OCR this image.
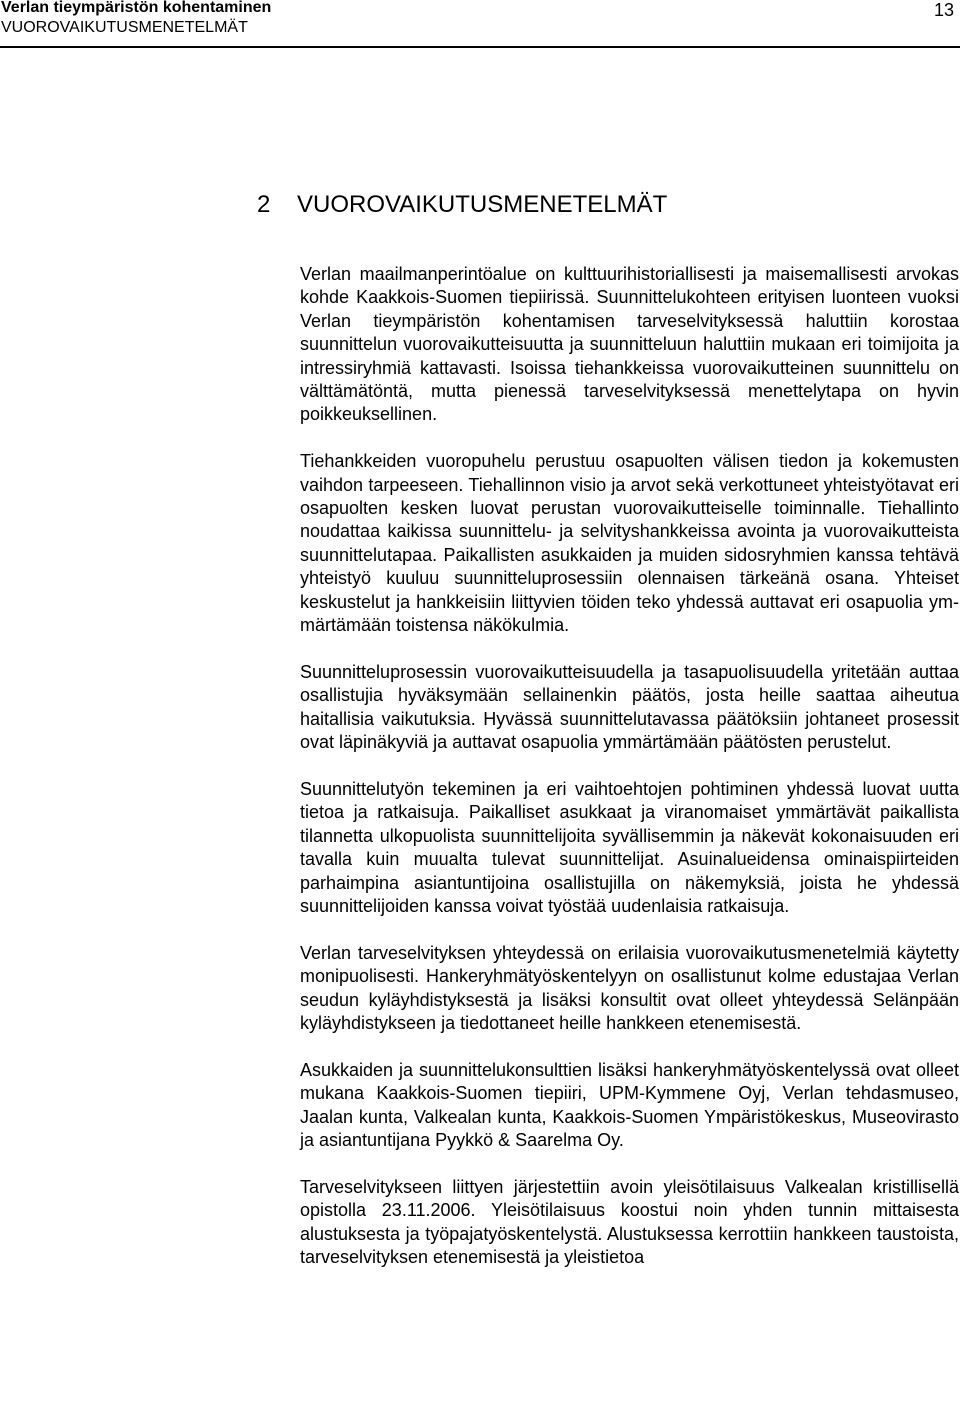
Verlan tieympäristön kohentaminen
VUOROVAIKUTUSMENETELMÄT
13
2 VUOROVAIKUTUSMENETELMÄT

Verlan maailmanperintöalue on kulttuurihistoriallisesti ja maisemallisesti arvokas kohde Kaakkois-Suomen tiepiirissä. Suunnittelukohteen erityisen luonteen vuoksi Verlan tieympäristön kohentamisen tarveselvityksessä haluttiin korostaa suunnittelun vuorovaikutteisuutta ja suunnitteluun haluttiin mukaan eri toimijoita ja intressiryhmiä kattavasti. Isoissa tiehankkeissa vuorovaikutteinen suunnittelu on välttämätöntä, mutta pienessä tarveselvityksessä menettelytapa on hyvin poikkeuksellinen.

Tiehankkeiden vuoropuhelu perustuu osapuolten välisen tiedon ja kokemusten vaihdon tarpeeseen. Tiehallinnon visio ja arvot sekä verkottuneet yhteistyötavat eri osapuolten kesken luovat perustan vuorovaikutteiselle toiminnalle. Tiehallinto noudattaa kaikissa suunnittelu- ja selvityshankkeissa avointa ja vuorovaikutteista suunnittelutapaa. Paikallisten asukkaiden ja muiden sidosryhmien kanssa tehtävä yhteistyö kuuluu suunnitteluprosessiin olennaisen tärkeänä osana. Yhteiset keskustelut ja hankkeisiin liittyvien töiden teko yhdessä auttavat eri osapuolia ymmärtämään toistensa näkökulmia.

Suunnitteluprosessin vuorovaikutteisuudella ja tasapuolisuudella yritetään auttaa osallistujia hyväksymään sellainenkin päätös, josta heille saattaa aiheutua haitallisia vaikutuksia. Hyvässä suunnittelutavassa päätöksiin johtaneet prosessit ovat läpinäkyviä ja auttavat osapuolia ymmärtämään päätösten perustelut.

Suunnittelutyön tekeminen ja eri vaihtoehtojen pohtiminen yhdessä luovat uutta tietoa ja ratkaisuja. Paikalliset asukkaat ja viranomaiset ymmärtävät paikallista tilannetta ulkopuolista suunnittelijoita syvällisemmin ja näkevät kokonaisuuden eri tavalla kuin muualta tulevat suunnittelijat. Asuinalueidensa ominaispiirteiden parhaimpina asiantuntijoina osallistujilla on näkemyksiä, joista he yhdessä suunnittelijoiden kanssa voivat työstää uudenlaisia ratkaisuja.

Verlan tarveselvityksen yhteydessä on erilaisia vuorovaikutusmenetelmiä käytetty monipuolisesti. Hankeryhmätyöskentelyyn on osallistunut kolme edustajaa Verlan seudun kyläyhdistyksestä ja lisäksi konsultit ovat olleet yhteydessä Selänpään kyläyhdistykseen ja tiedottaneet heille hankkeen etenemisestä.

Asukkaiden ja suunnittelukonsulttien lisäksi hankeryhmätyöskentelyssä ovat olleet mukana Kaakkois-Suomen tiepiiri, UPM-Kymmene Oyj, Verlan tehdasmuseo, Jaalan kunta, Valkealan kunta, Kaakkois-Suomen Ympäristökeskus, Museovirasto ja asiantuntijana Pyykkö & Saarelma Oy.

Tarveselvitykseen liittyen järjestettiin avoin yleisötilaisuus Valkealan kristillisellä opistolla 23.11.2006. Yleisötilaisuus koostui noin yhden tunnin mittaisesta alustuksesta ja työpajatyöskentelystä. Alustuksessa kerrottiin hankkeen taustoista, tarveselvityksen etenemisestä ja yleistietoa
